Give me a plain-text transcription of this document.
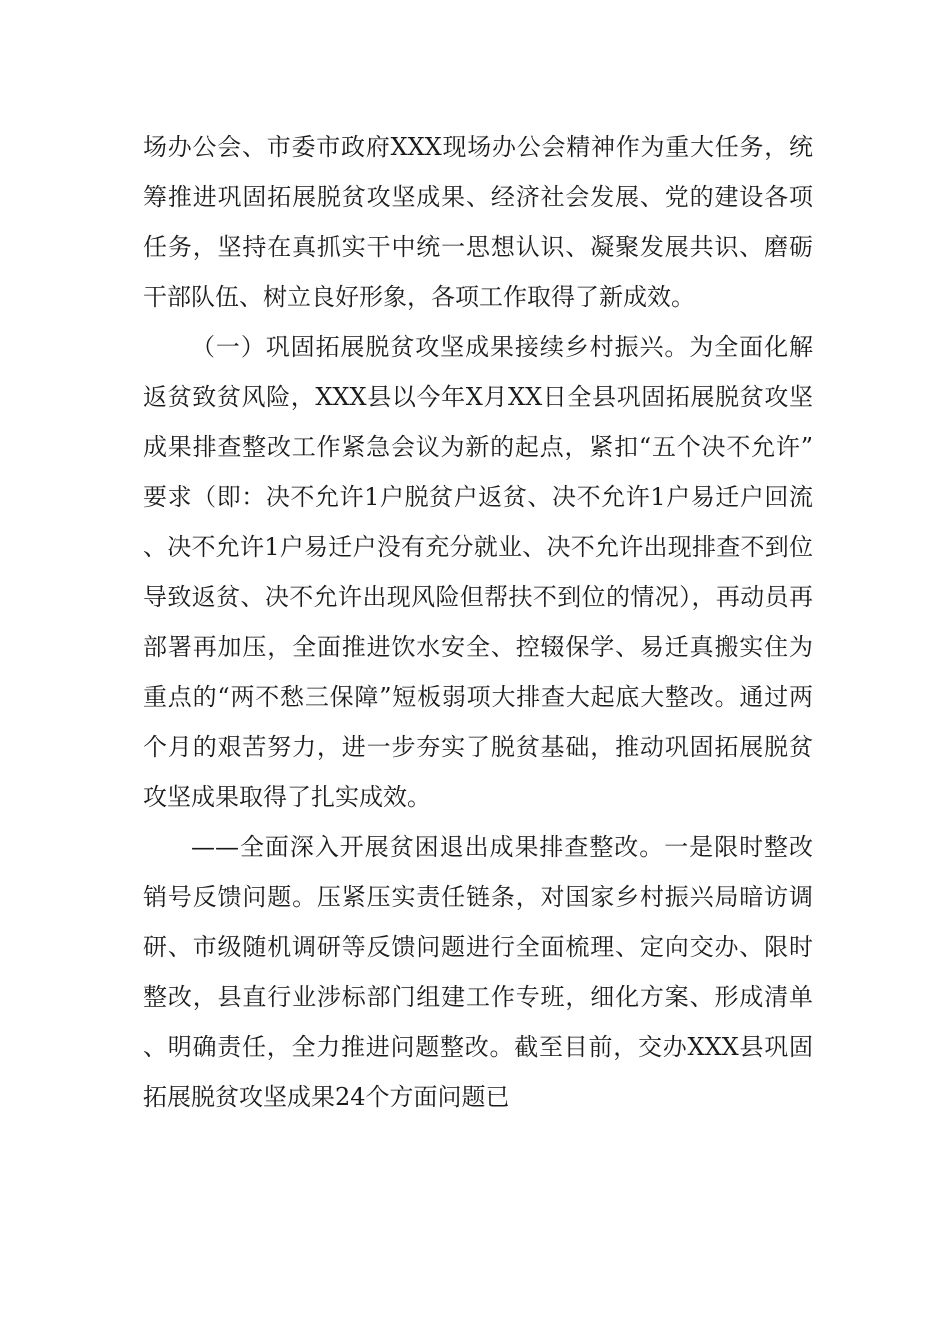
场办公会、市委市政府XXX现场办公会精神作为重大任务，统筹推进巩固拓展脱贫攻坚成果、经济社会发展、党的建设各项任务，坚持在真抓实干中统一思想认识、凝聚发展共识、磨砺干部队伍、树立良好形象，各项工作取得了新成效。

（一）巩固拓展脱贫攻坚成果接续乡村振兴。为全面化解返贫致贫风险，XXX县以今年X月XX日全县巩固拓展脱贫攻坚成果排查整改工作紧急会议为新的起点，紧扣“五个决不允许”要求（即：决不允许1户脱贫户返贫、决不允许1户易迁户回流、决不允许1户易迁户没有充分就业、决不允许出现排查不到位导致返贫、决不允许出现风险但帮扶不到位的情况），再动员再部署再加压，全面推进饮水安全、控辍保学、易迁真搬实住为重点的“两不愁三保障”短板弱项大排查大起底大整改。通过两个月的艰苦努力，进一步夯实了脱贫基础，推动巩固拓展脱贫攻坚成果取得了扎实成效。

——全面深入开展贫困退出成果排查整改。一是限时整改销号反馈问题。压紧压实责任链条，对国家乡村振兴局暗访调研、市级随机调研等反馈问题进行全面梳理、定向交办、限时整改，县直行业涉标部门组建工作专班，细化方案、形成清单、明确责任，全力推进问题整改。截至目前，交办XXX县巩固拓展脱贫攻坚成果24个方面问题已
